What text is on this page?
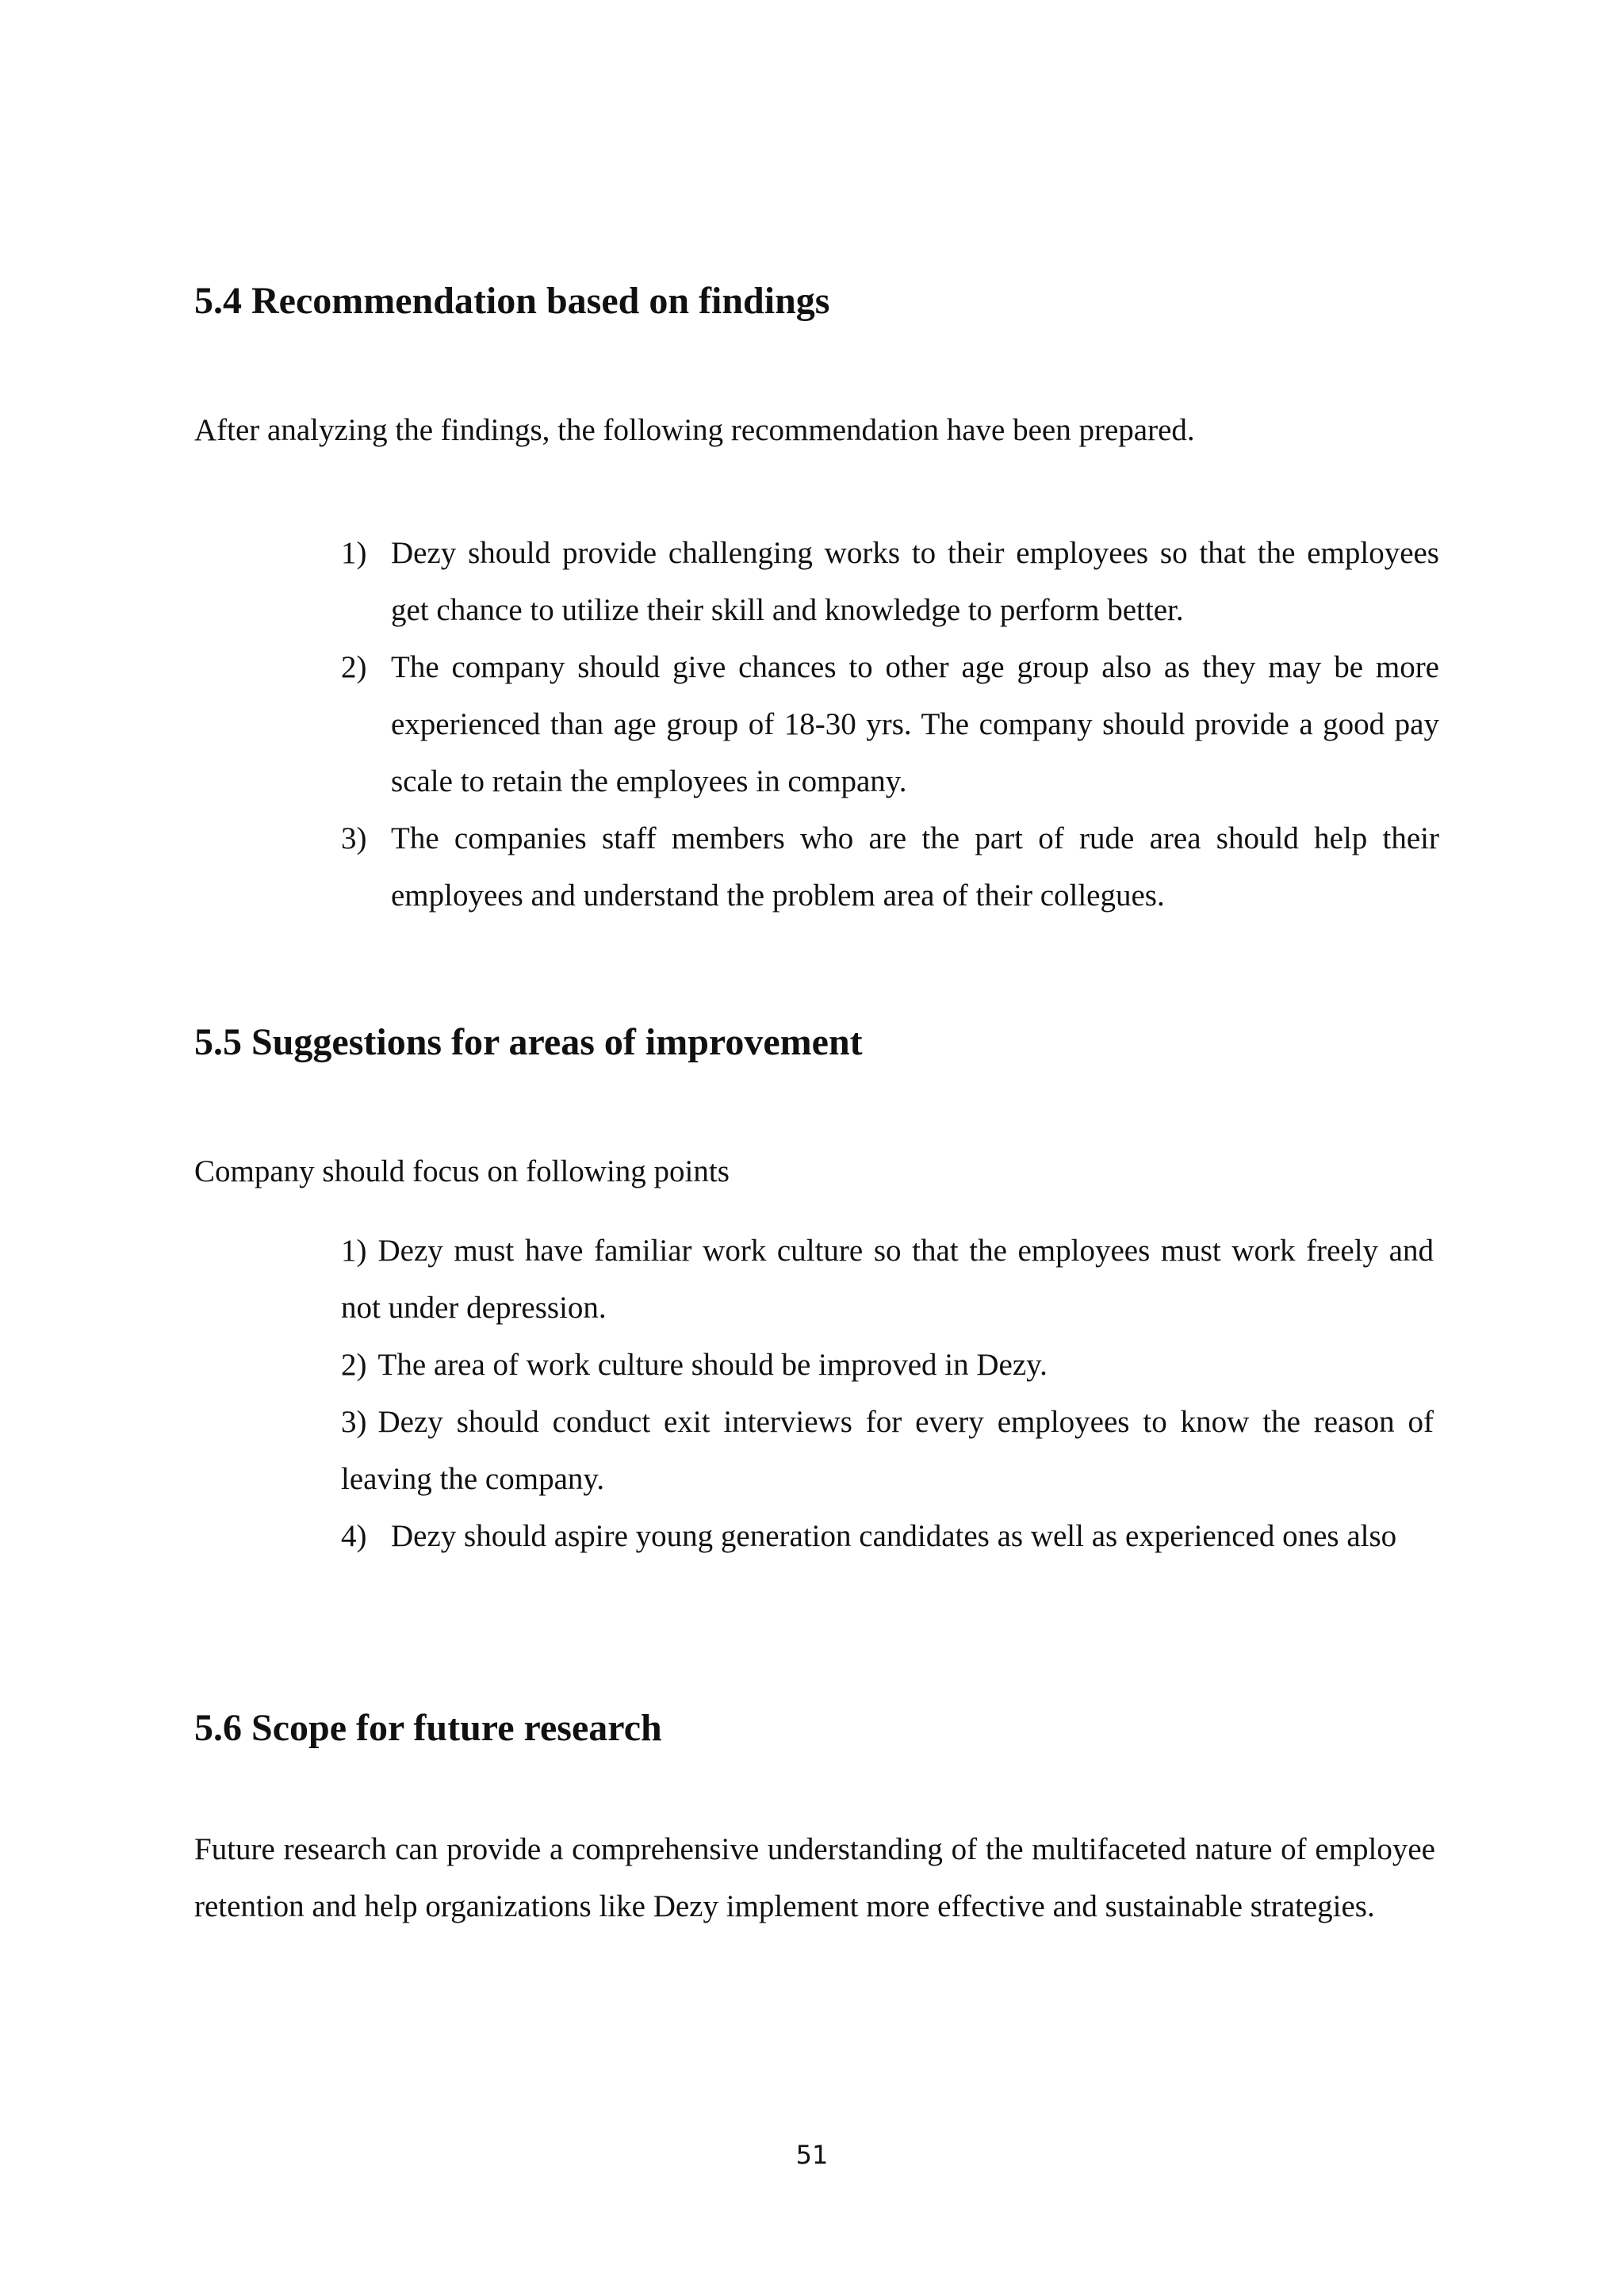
5.4 Recommendation based on findings

After analyzing the findings, the following recommendation have been prepared.

1) Dezy should provide challenging works to their employees so that the employees get chance to utilize their skill and knowledge to perform better.
2) The company should give chances to other age group also as they may be more experienced than age group of 18-30 yrs. The company should provide a good pay scale to retain the employees in company.
3) The companies staff members who are the part of rude area should help their employees and understand the problem area of their collegues.
5.5 Suggestions for areas of improvement

Company should focus on following points

1) Dezy must have familiar work culture so that the employees must work freely and not under depression.
2) The area of work culture should be improved in Dezy.
3) Dezy should conduct exit interviews for every employees to know the reason of leaving the company.
4) Dezy should aspire young generation candidates as well as experienced ones also
5.6 Scope for future research

Future research can provide a comprehensive understanding of the multifaceted nature of employee retention and help organizations like Dezy implement more effective and sustainable strategies.

51
